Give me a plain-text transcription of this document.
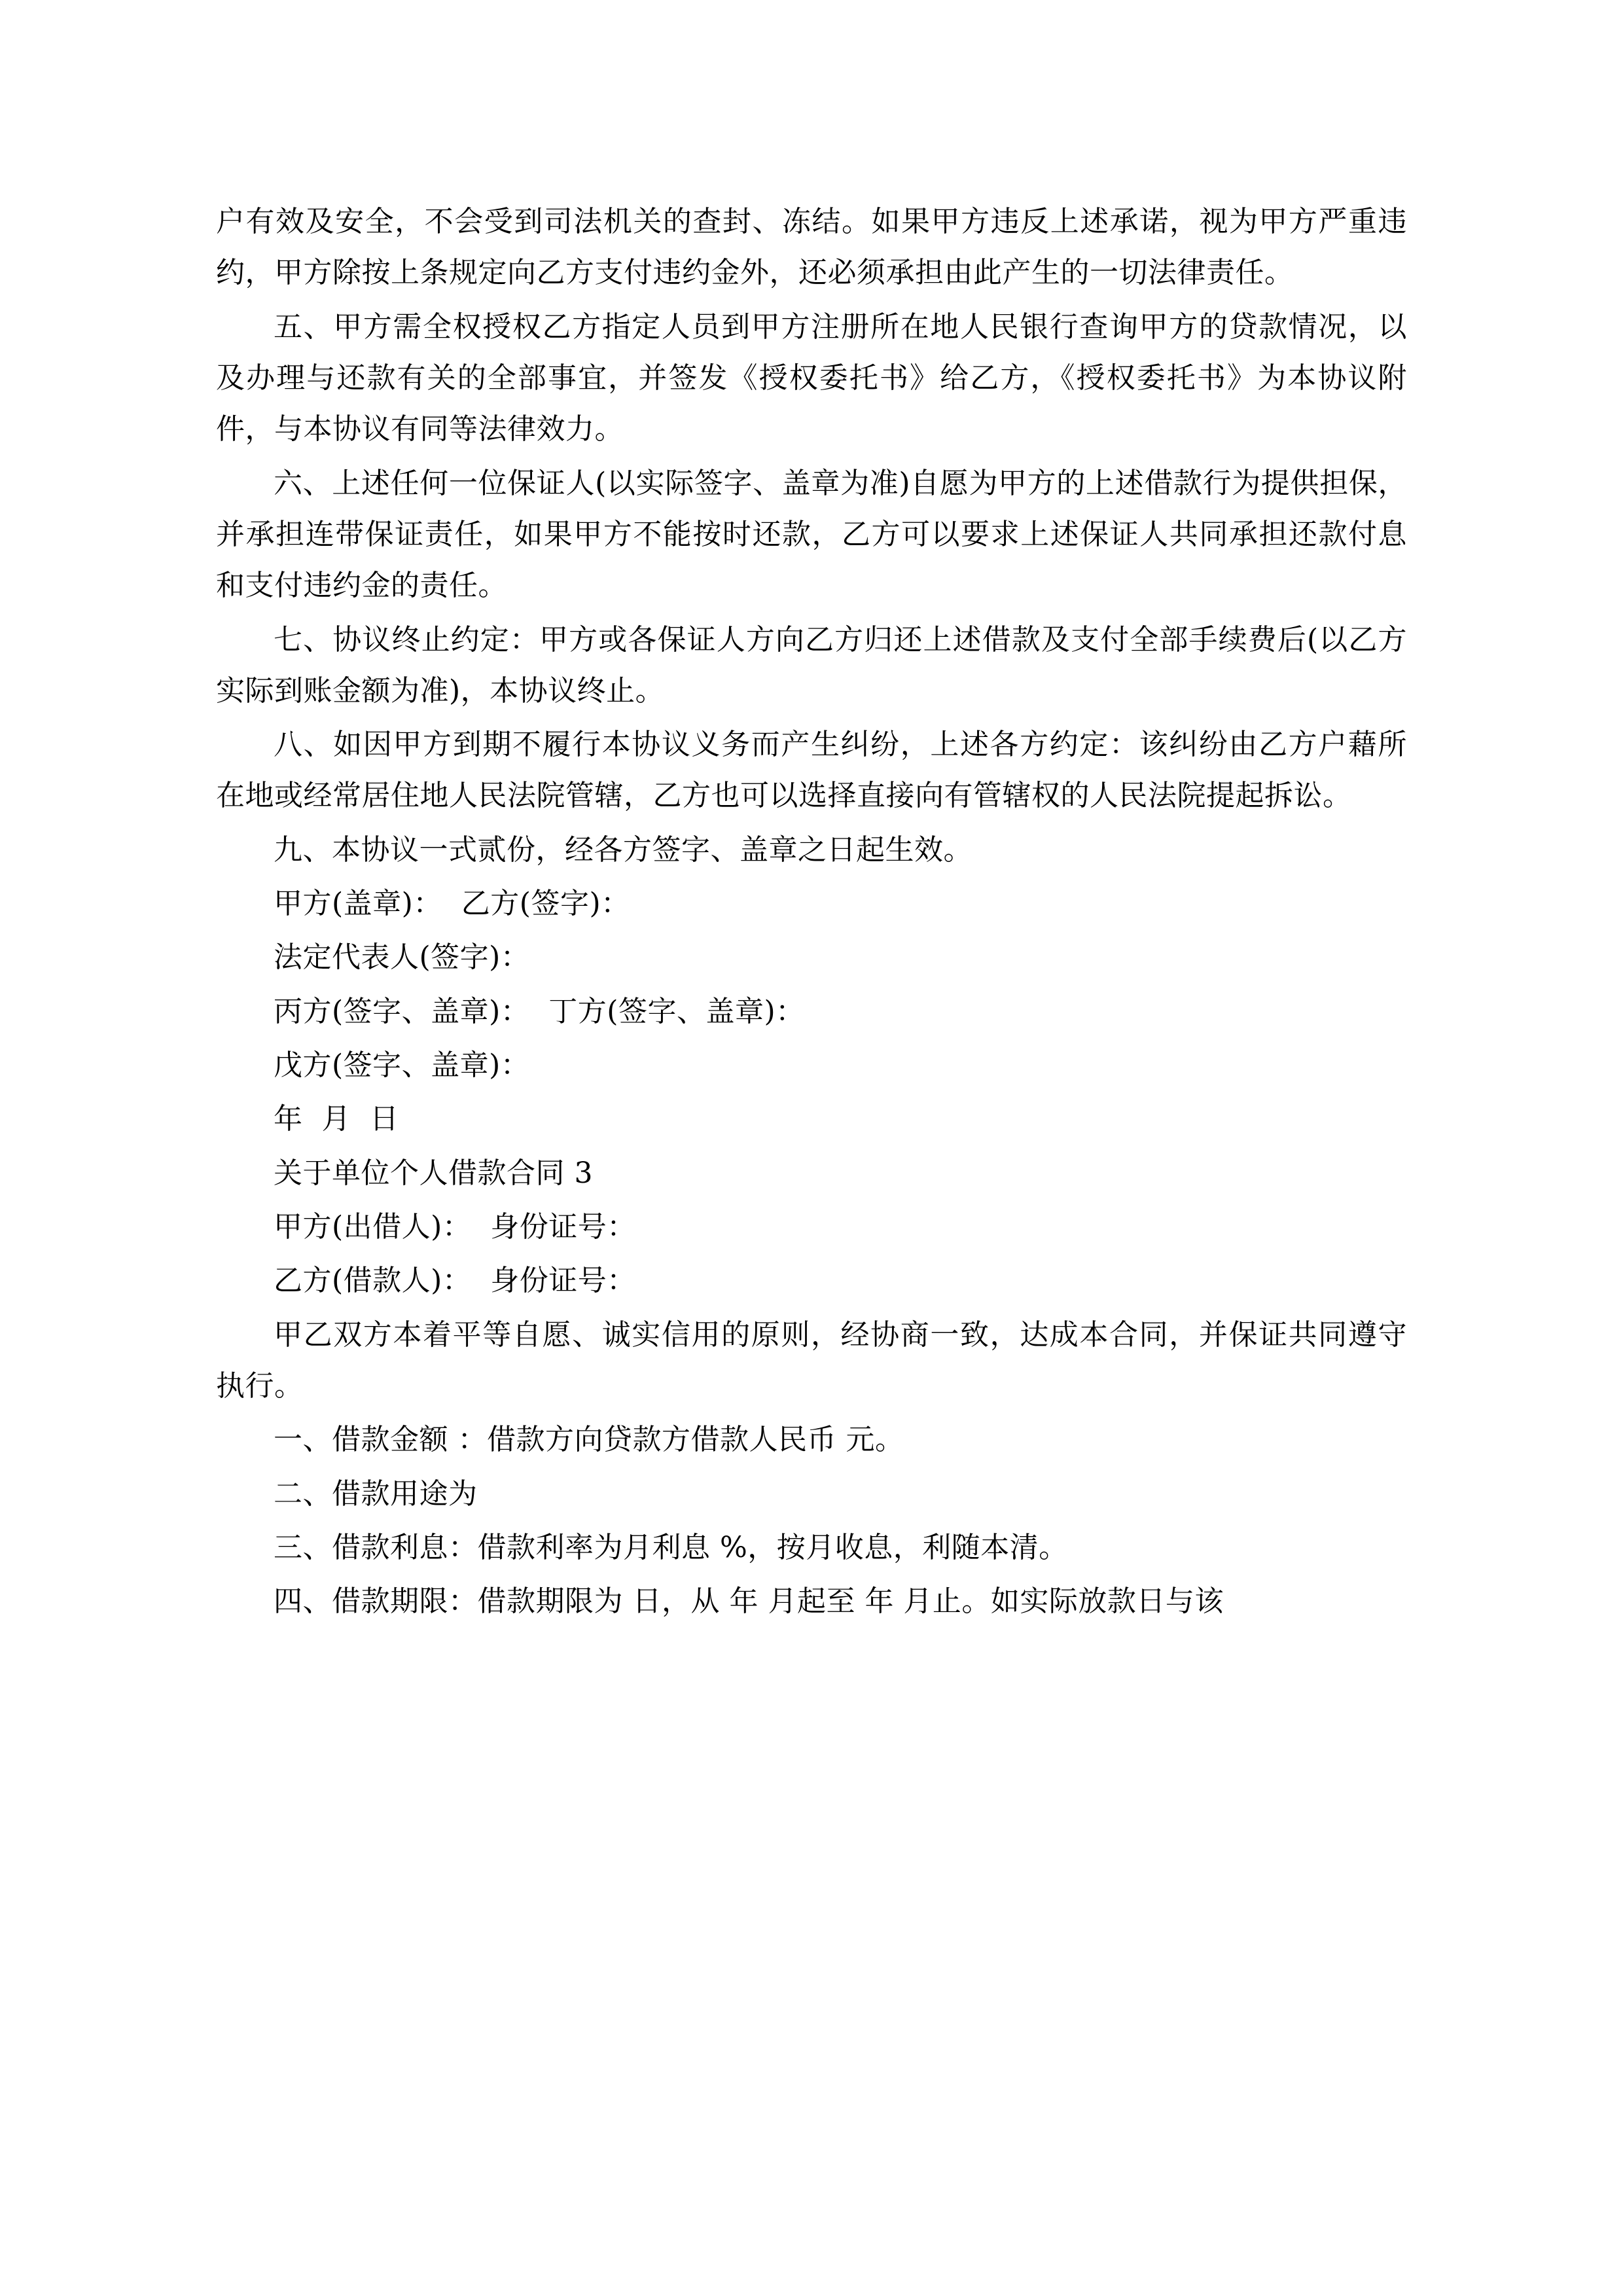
户有效及安全，不会受到司法机关的查封、冻结。如果甲方违反上述承诺，视为甲方严重违约，甲方除按上条规定向乙方支付违约金外，还必须承担由此产生的一切法律责任。
五、甲方需全权授权乙方指定人员到甲方注册所在地人民银行查询甲方的贷款情况，以及办理与还款有关的全部事宜，并签发《授权委托书》给乙方，《授权委托书》为本协议附件，与本协议有同等法律效力。
六、上述任何一位保证人(以实际签字、盖章为准)自愿为甲方的上述借款行为提供担保，并承担连带保证责任，如果甲方不能按时还款，乙方可以要求上述保证人共同承担还款付息和支付违约金的责任。
七、协议终止约定：甲方或各保证人方向乙方归还上述借款及支付全部手续费后(以乙方实际到账金额为准)，本协议终止。
八、如因甲方到期不履行本协议义务而产生纠纷，上述各方约定：该纠纷由乙方户藉所在地或经常居住地人民法院管辖，乙方也可以选择直接向有管辖权的人民法院提起拆讼。
九、本协议一式贰份，经各方签字、盖章之日起生效。
甲方(盖章)：  乙方(签字)：
法定代表人(签字)：
丙方(签字、盖章)：  丁方(签字、盖章)：
戊方(签字、盖章)：
年  月  日
关于单位个人借款合同 3
甲方(出借人)：  身份证号：
乙方(借款人)：  身份证号：
甲乙双方本着平等自愿、诚实信用的原则，经协商一致，达成本合同，并保证共同遵守执行。
一、借款金额 ：借款方向贷款方借款人民币 元。
二、借款用途为
三、借款利息：借款利率为月利息 %，按月收息，利随本清。
四、借款期限：借款期限为 日，从 年 月起至 年 月止。如实际放款日与该
